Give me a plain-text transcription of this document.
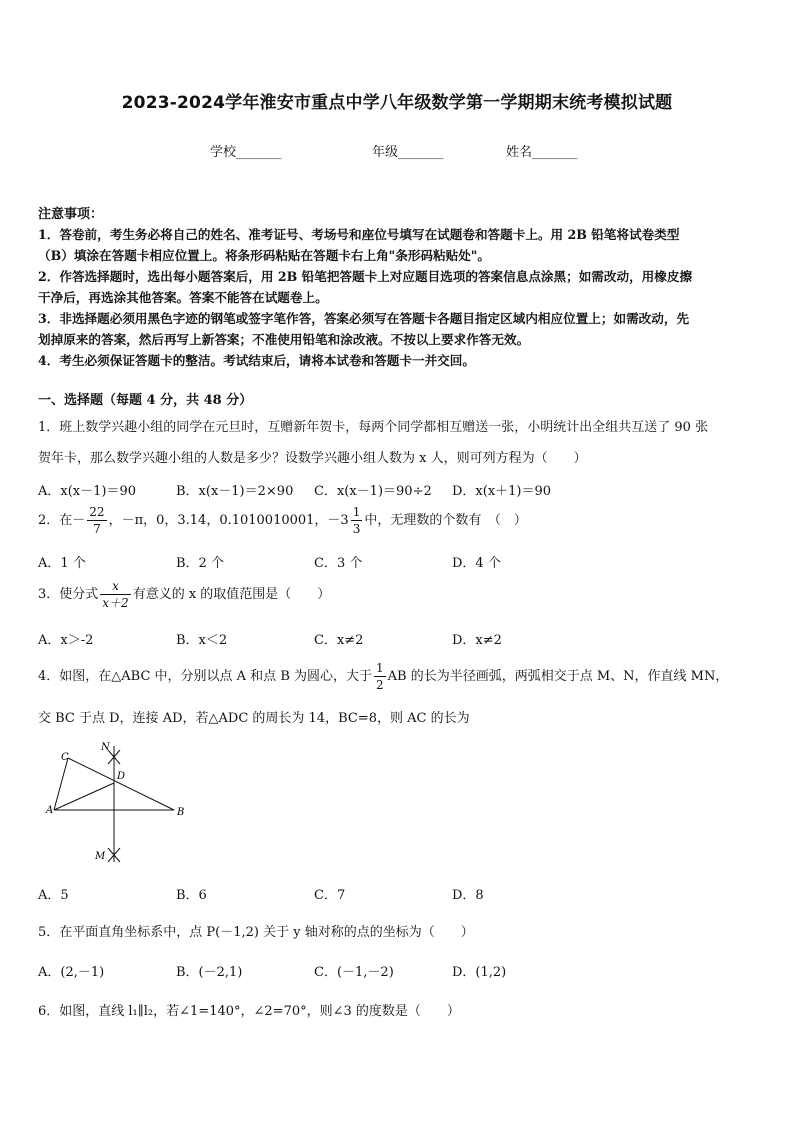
2023-2024学年淮安市重点中学八年级数学第一学期期末统考模拟试题
学校_______	年级_______	姓名_______
注意事项：
1．答卷前，考生务必将自己的姓名、准考证号、考场号和座位号填写在试题卷和答题卡上。用 2B 铅笔将试卷类型
（B）填涂在答题卡相应位置上。将条形码粘贴在答题卡右上角"条形码粘贴处"。
2．作答选择题时，选出每小题答案后，用 2B 铅笔把答题卡上对应题目选项的答案信息点涂黑；如需改动，用橡皮擦
干净后，再选涂其他答案。答案不能答在试题卷上。
3．非选择题必须用黑色字迹的钢笔或签字笔作答，答案必须写在答题卡各题目指定区域内相应位置上；如需改动，先
划掉原来的答案，然后再写上新答案；不准使用铅笔和涂改液。不按以上要求作答无效。
4．考生必须保证答题卡的整洁。考试结束后，请将本试卷和答题卡一并交回。
一、选择题（每题 4 分，共 48 分）
1．班上数学兴趣小组的同学在元旦时，互赠新年贺卡，每两个同学都相互赠送一张，小明统计出全组共互送了 90 张
贺年卡，那么数学兴趣小组的人数是多少？设数学兴趣小组人数为 x 人，则可列方程为（　　）
A．x(x－1)＝90	B．x(x－1)＝2×90 C．x(x－1)＝90÷2 D．x(x＋1)＝90
2．在－ $\frac{22}{7}$ ，－π，0，3.14，0.1010010001，$-3 \frac{1}{3}$ 中，无理数的个数有　（　）
A．1 个	B．2 个	C．3 个	D．4 个
3．使分式 $\frac{x}{x+2}$ 有意义的 x 的取值范围是（　　）
A．x＞-2	B．x＜2	C．x≠2	D．x≠2
4．如图，在△ABC 中，分别以点 A 和点 B 为圆心，大于 $\frac{1}{2}$ AB 的长为半径画弧，两弧相交于点 M、N，作直线 MN，
交 BC 于点 D，连接 AD，若△ADC 的周长为 14，BC=8，则 AC 的长为
A	B
C
D
M
N
A．5	B．6	C．7	D．8
5．在平面直角坐标系中，点 P(－1,2) 关于 y 轴对称的点的坐标为（　　）
A．(2,－1)	B．(－2,1)	C．(－1,－2)	D．(1,2)
6．如图，直线 l₁∥l₂，若∠1=140°，∠2=70°，则∠3 的度数是（　　）
